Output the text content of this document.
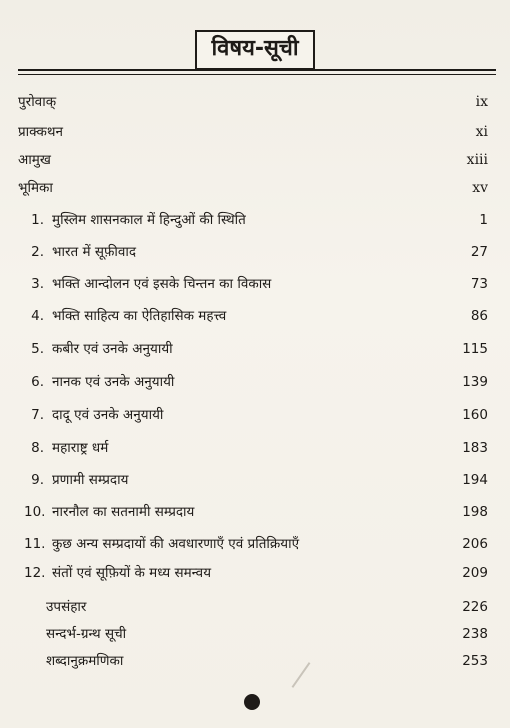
विषय-सूची
पुरोवाक्	ix
प्राक्कथन	xi
आमुख	xiii
भूमिका	xv
1. मुस्लिम शासनकाल में हिन्दुओं की स्थिति	1
2. भारत में सूफ़ीवाद	27
3. भक्ति आन्दोलन एवं इसके चिन्तन का विकास	73
4. भक्ति साहित्य का ऐतिहासिक महत्त्व	86
5. कबीर एवं उनके अनुयायी	115
6. नानक एवं उनके अनुयायी	139
7. दादू एवं उनके अनुयायी	160
8. महाराष्ट्र धर्म	183
9. प्रणामी सम्प्रदाय	194
10. नारनौल का सतनामी सम्प्रदाय	198
11. कुछ अन्य सम्प्रदायों की अवधारणाएँ एवं प्रतिक्रियाएँ	206
12. संतों एवं सूफ़ियों के मध्य समन्वय	209
उपसंहार	226
सन्दर्भ-ग्रन्थ सूची	238
शब्दानुक्रमणिका	253
